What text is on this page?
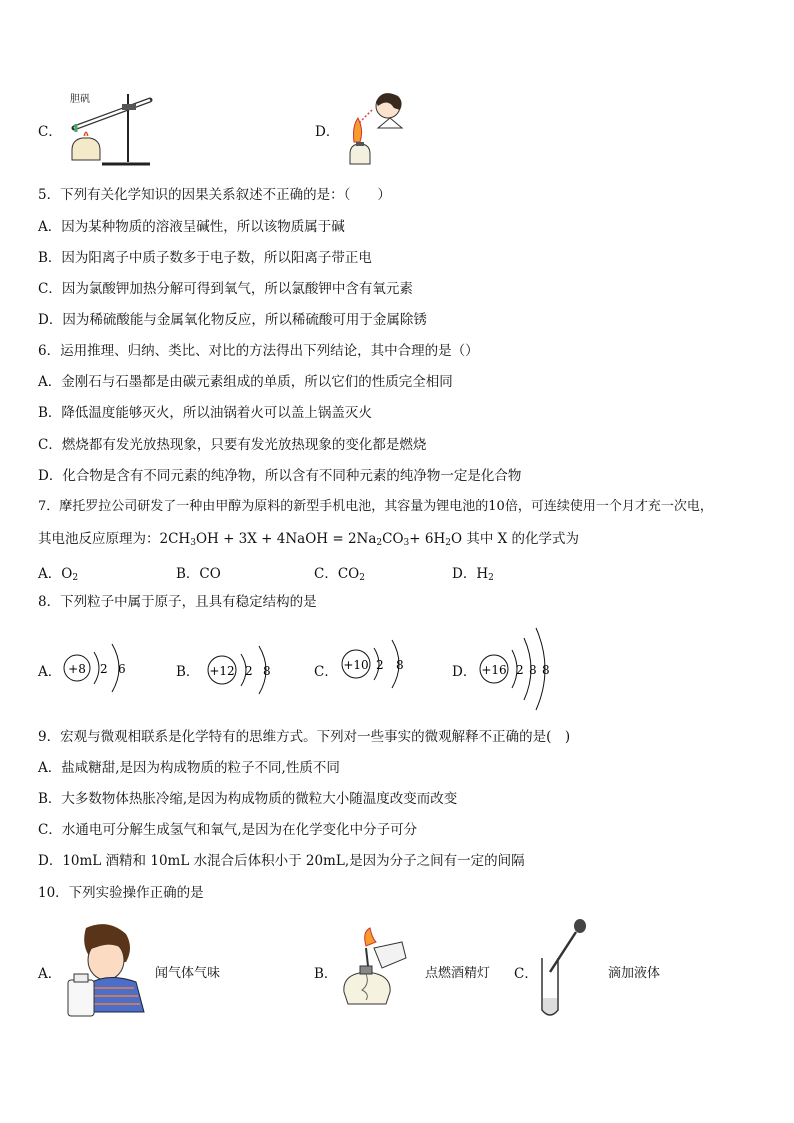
C．
胆矾
D．
5．下列有关化学知识的因果关系叙述不正确的是：（　　）
A．因为某种物质的溶液呈碱性，所以该物质属于碱
B．因为阳离子中质子数多于电子数，所以阳离子带正电
C．因为氯酸钾加热分解可得到氧气，所以氯酸钾中含有氧元素
D．因为稀硫酸能与金属氧化物反应，所以稀硫酸可用于金属除锈
6．运用推理、归纳、类比、对比的方法得出下列结论，其中合理的是（）
A．金刚石与石墨都是由碳元素组成的单质，所以它们的性质完全相同
B．降低温度能够灭火，所以油锅着火可以盖上锅盖灭火
C．燃烧都有发光放热现象，只要有发光放热现象的变化都是燃烧
D．化合物是含有不同元素的纯净物，所以含有不同种元素的纯净物一定是化合物
7．摩托罗拉公司研发了一种由甲醇为原料的新型手机电池，其容量为锂电池的10倍，可连续使用一个月才充一次电，
其电池反应原理为：$2CH_3OH + 3X$ + 4NaOH = $2Na_2CO_3+ 6H_2O$ 其中 X 的化学式为
A．$O_2$	B．CO	C．$CO_2$	D．$H_2$
8．下列粒子中属于原子，且具有稳定结构的是
A． +8 2 6	B． +12 2 8	C． +10 2 8	D． +16 2 8 8
9．宏观与微观相联系是化学特有的思维方式。下列对一些事实的微观解释不正确的是(　)
A．盐咸糖甜,是因为构成物质的粒子不同,性质不同
B．大多数物体热胀冷缩,是因为构成物质的微粒大小随温度改变而改变
C．水通电可分解生成氢气和氧气,是因为在化学变化中分子可分
D．10mL 酒精和 10mL 水混合后体积小于 20mL,是因为分子之间有一定的间隔
10．下列实验操作正确的是
A．	闻气体气味	B．	点燃酒精灯 C．	滴加液体
